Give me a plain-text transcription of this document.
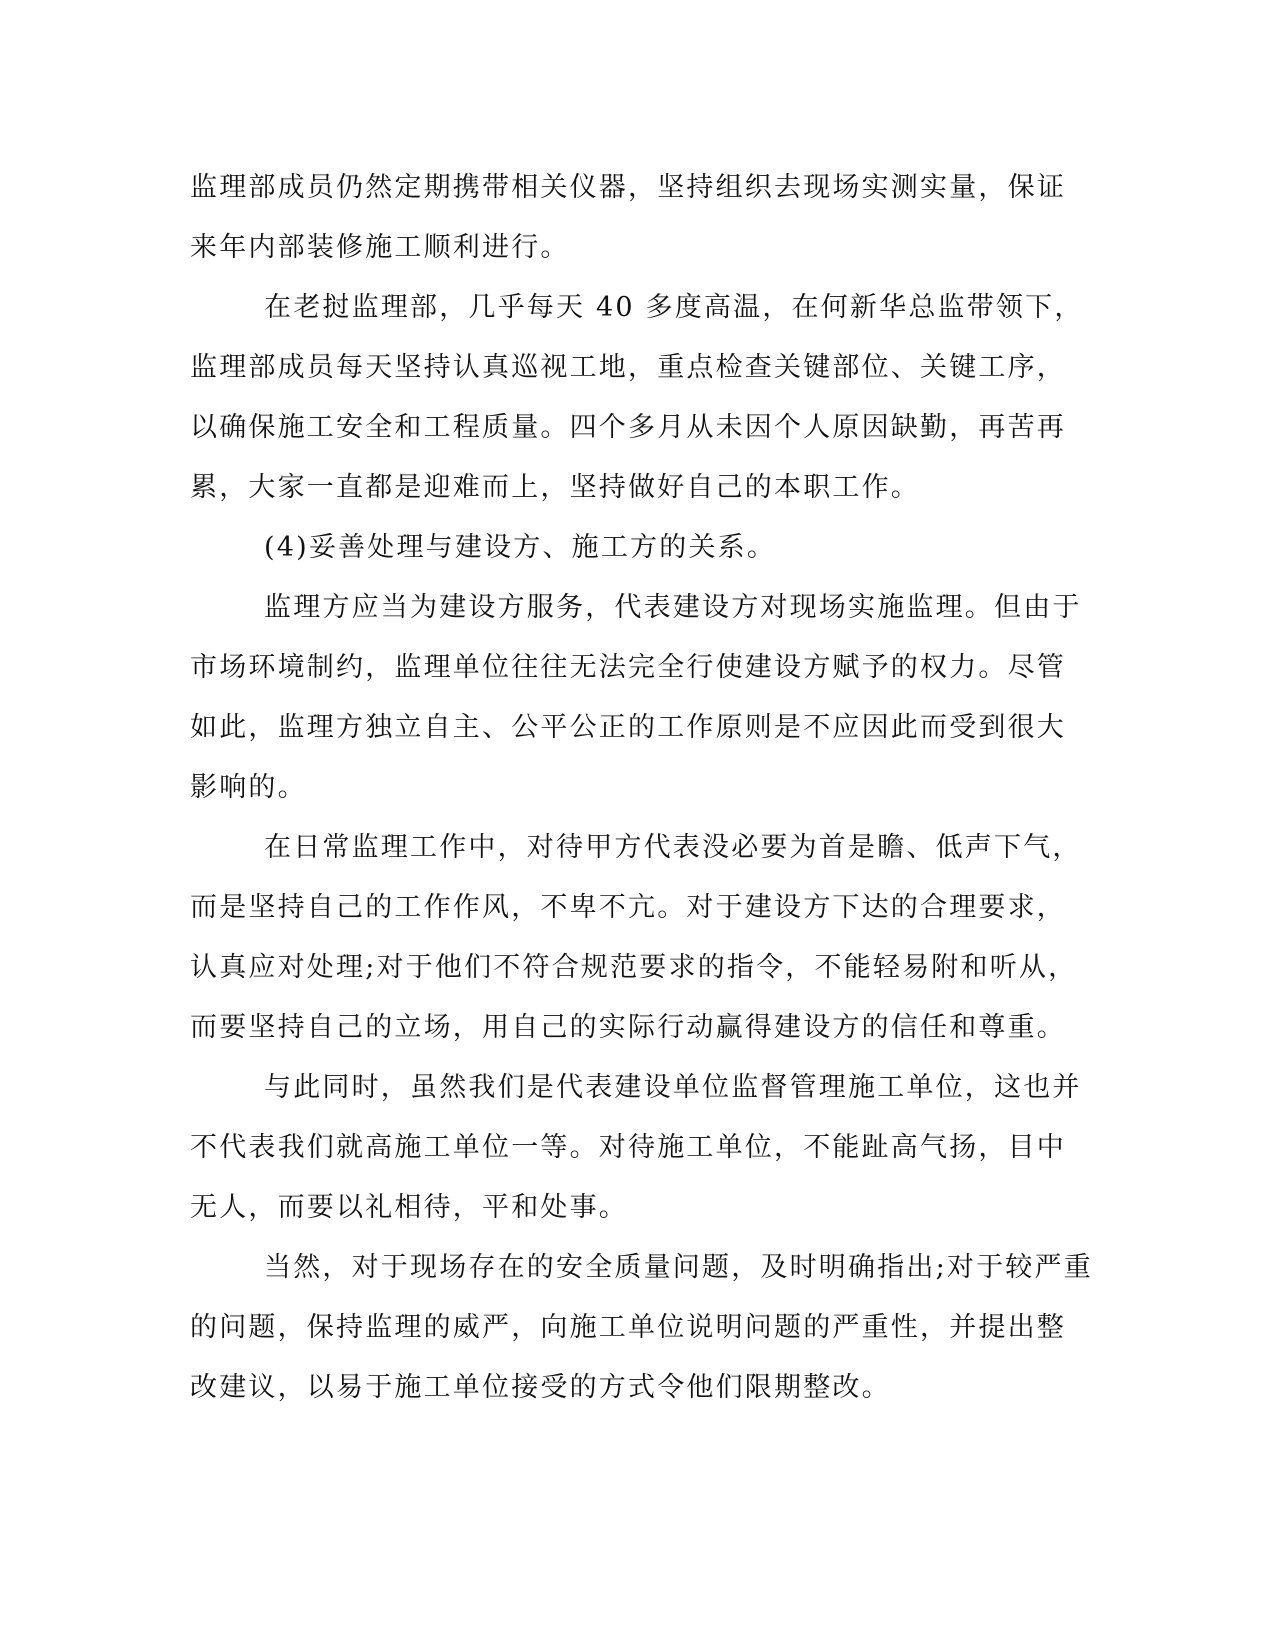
监理部成员仍然定期携带相关仪器，坚持组织去现场实测实量，保证

来年内部装修施工顺利进行。

在老挝监理部，几乎每天 40 多度高温，在何新华总监带领下，

监理部成员每天坚持认真巡视工地，重点检查关键部位、关键工序，

以确保施工安全和工程质量。四个多月从未因个人原因缺勤，再苦再

累，大家一直都是迎难而上，坚持做好自己的本职工作。

(4)妥善处理与建设方、施工方的关系。

监理方应当为建设方服务，代表建设方对现场实施监理。但由于

市场环境制约，监理单位往往无法完全行使建设方赋予的权力。尽管

如此，监理方独立自主、公平公正的工作原则是不应因此而受到很大

影响的。

在日常监理工作中，对待甲方代表没必要为首是瞻、低声下气，

而是坚持自己的工作作风，不卑不亢。对于建设方下达的合理要求，

认真应对处理;对于他们不符合规范要求的指令，不能轻易附和听从，

而要坚持自己的立场，用自己的实际行动赢得建设方的信任和尊重。

与此同时，虽然我们是代表建设单位监督管理施工单位，这也并

不代表我们就高施工单位一等。对待施工单位，不能趾高气扬，目中

无人，而要以礼相待，平和处事。

当然，对于现场存在的安全质量问题，及时明确指出;对于较严重

的问题，保持监理的威严，向施工单位说明问题的严重性，并提出整

改建议，以易于施工单位接受的方式令他们限期整改。
